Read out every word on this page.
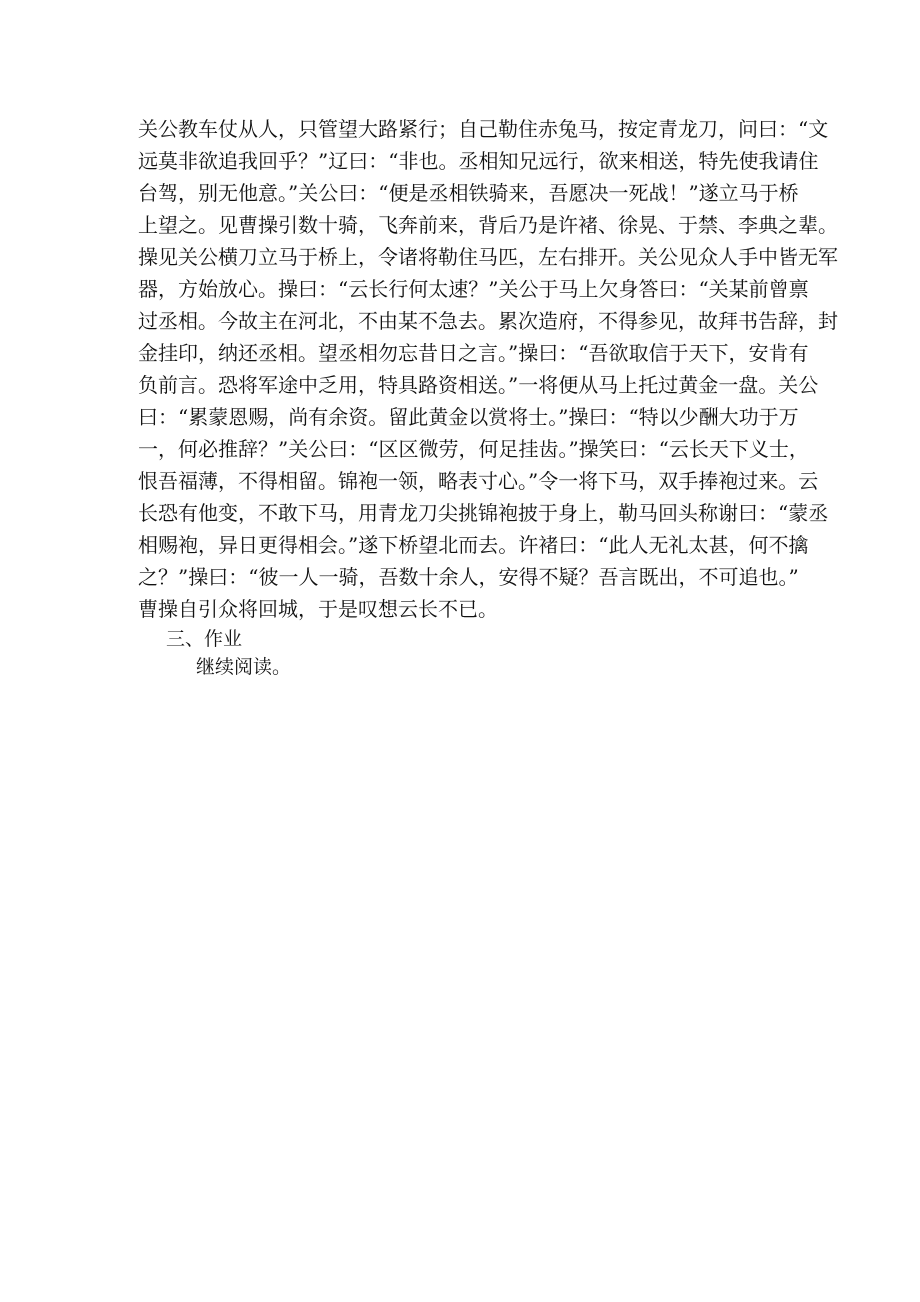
关公教车仗从人，只管望大路紧行；自己勒住赤兔马，按定青龙刀，问曰：“文
远莫非欲追我回乎？”辽曰：“非也。丞相知兄远行，欲来相送，特先使我请住
台驾，别无他意。”关公曰：“便是丞相铁骑来，吾愿决一死战！”遂立马于桥
上望之。见曹操引数十骑，飞奔前来，背后乃是许褚、徐晃、于禁、李典之辈。
操见关公横刀立马于桥上，令诸将勒住马匹，左右排开。关公见众人手中皆无军
器，方始放心。操曰：“云长行何太速？”关公于马上欠身答曰：“关某前曾禀
过丞相。今故主在河北，不由某不急去。累次造府，不得参见，故拜书告辞，封
金挂印，纳还丞相。望丞相勿忘昔日之言。”操曰：“吾欲取信于天下，安肯有
负前言。恐将军途中乏用，特具路资相送。”一将便从马上托过黄金一盘。关公
曰：“累蒙恩赐，尚有余资。留此黄金以赏将士。”操曰：“特以少酬大功于万
一，何必推辞？”关公曰：“区区微劳，何足挂齿。”操笑曰：“云长天下义士，
恨吾福薄，不得相留。锦袍一领，略表寸心。”令一将下马，双手捧袍过来。云
长恐有他变，不敢下马，用青龙刀尖挑锦袍披于身上，勒马回头称谢曰：“蒙丞
相赐袍，异日更得相会。”遂下桥望北而去。许褚曰：“此人无礼太甚，何不擒
之？”操曰：“彼一人一骑，吾数十余人，安得不疑？吾言既出，不可追也。”
曹操自引众将回城，于是叹想云长不已。
三、作业
继续阅读。
